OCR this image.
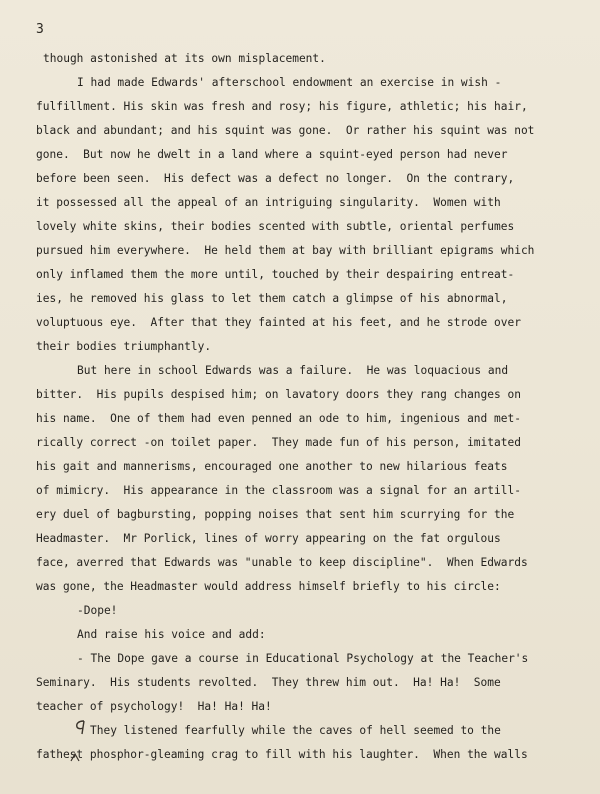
3
though astonished at its own misplacement.
I had made Edwards' afterschool endowment an exercise in wish -
fulfillment. His skin was fresh and rosy; his figure, athletic; his hair,
black and abundant; and his squint was gone.  Or rather his squint was not
gone.  But now he dwelt in a land where a squint-eyed person had never
before been seen.  His defect was a defect no longer.  On the contrary,
it possessed all the appeal of an intriguing singularity.  Women with
lovely white skins, their bodies scented with subtle, oriental perfumes
pursued him everywhere.  He held them at bay with brilliant epigrams which
only inflamed them the more until, touched by their despairing entreat-
ies, he removed his glass to let them catch a glimpse of his abnormal,
voluptuous eye.  After that they fainted at his feet, and he strode over
their bodies triumphantly.
But here in school Edwards was a failure.  He was loquacious and
bitter.  His pupils despised him; on lavatory doors they rang changes on
his name.  One of them had even penned an ode to him, ingenious and met-
rically correct -on toilet paper.  They made fun of his person, imitated
his gait and mannerisms, encouraged one another to new hilarious feats
of mimicry.  His appearance in the classroom was a signal for an artill-
ery duel of bagbursting, popping noises that sent him scurrying for the
Headmaster.  Mr Porlick, lines of worry appearing on the fat orgulous
face, averred that Edwards was "unable to keep discipline".  When Edwards
was gone, the Headmaster would address himself briefly to his circle:
-Dope!
And raise his voice and add:
- The Dope gave a course in Educational Psychology at the Teacher's
Seminary.  His students revolted.  They threw him out.  Ha! Ha!  Some
teacher of psychology!  Ha! Ha! Ha!
They listened fearfully while the caves of hell seemed to the
fathest phosphor-gleaming crag to fill with his laughter.  When the walls
